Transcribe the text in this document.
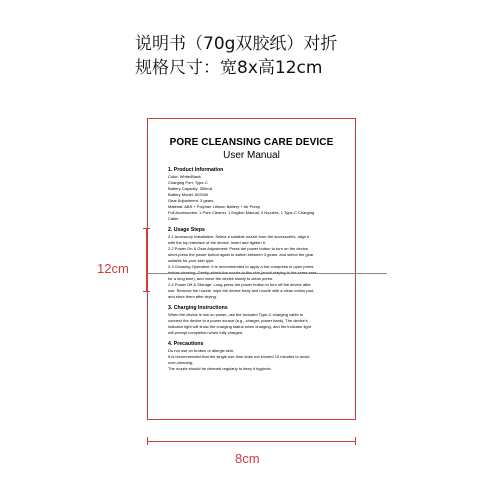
说明书（70g双胶纸）对折
规格尺寸：宽8x高12cm
PORE CLEANSING CARE DEVICE
User Manual

1. Product Information

Color: White/Black

Charging Port: Type-C

Battery Capacity: 350mA

Battery Model: 602040

Gear Adjustment: 3 gears

Material: ABS + Polymer Lithium Battery + Air Pump

Full Accessories: 1 Pore Cleaner, 1 English Manual, 4 Nozzles, 1 Type-C Charging

Cable

2. Usage Steps

2.1 Accessory Installation: Select a suitable nozzle from the accessories, align it

with the top interface of the device, insert and tighten it.

2.2 Power On & Gear Adjustment: Press the power button to turn on the device,

short-press the power button again to switch between 3 gears, and select the gear

suitable for your skin type.

2.3 Cleaning Operation: It is recommended to apply a hot compress to open pores

before cleaning. Gently attach the nozzle to the skin (avoid staying in the same area

for a long time), and move the device slowly to clean pores.

2.4 Power Off & Storage: Long-press the power button to turn off the device after

use. Remove the nozzle, wipe the device body and nozzle with a clean cotton pad,

and store them after drying.

3. Charging Instructions

When the device is low on power, use the included Type-C charging cable to

connect the device to a power source (e.g., charger, power bank). The device's

indicator light will show the charging status when charging, and the indicator light

will prompt completion when fully charged.

4. Precautions

Do not use on broken or allergic skin;

It is recommended that the single use time does not exceed 10 minutes to avoid

over-cleaning;

The nozzle should be cleaned regularly to keep it hygienic.

12cm
8cm
